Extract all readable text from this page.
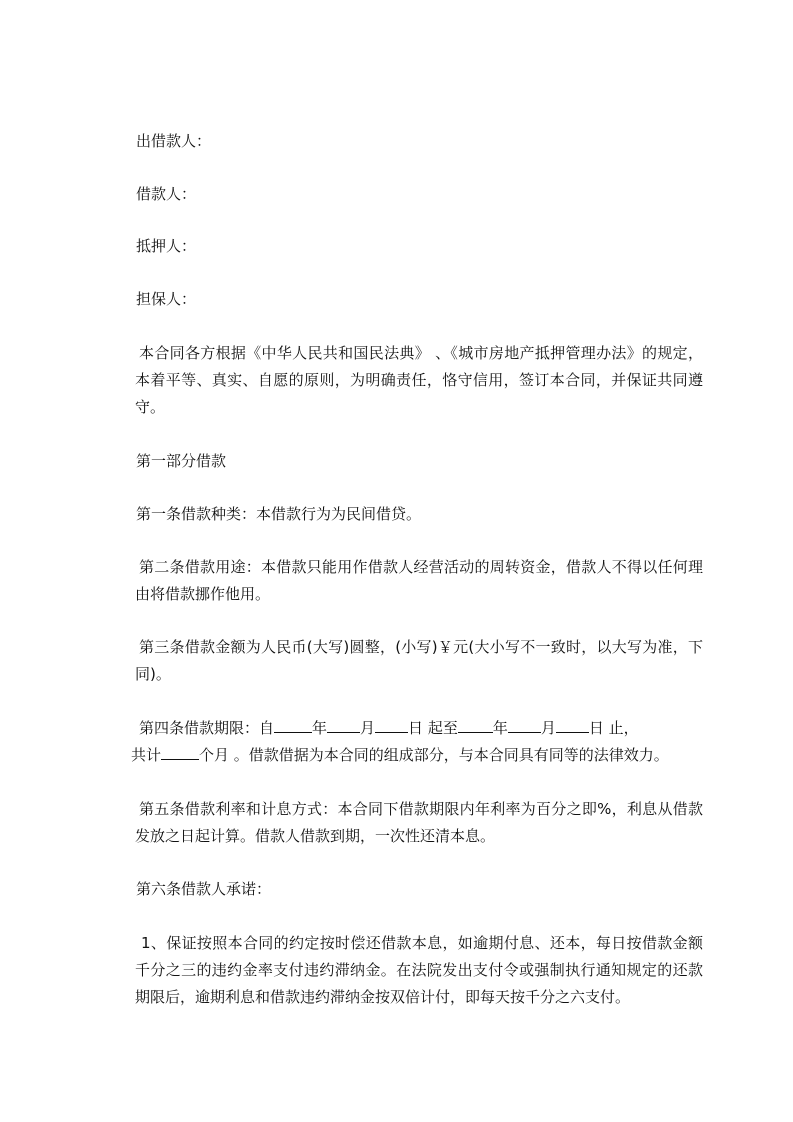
出借款人：
借款人：
抵押人：
担保人：
本合同各方根据《中华人民共和国民法典》 、《城市房地产抵押管理办法》的规定，本着平等、真实、自愿的原则，为明确责任，恪守信用，签订本合同，并保证共同遵守。
第一部分借款
第一条借款种类：本借款行为为民间借贷。
第二条借款用途：本借款只能用作借款人经营活动的周转资金，借款人不得以任何理由将借款挪作他用。
第三条借款金额为人民币(大写)圆整，(小写)￥元(大小写不一致时，以大写为准，下同)。
第四条借款期限：自	年 月 日 起至 年 月 日 止，
共计	个月 。借款借据为本合同的组成部分，与本合同具有同等的法律效力。
第五条借款利率和计息方式：本合同下借款期限内年利率为百分之即%，利息从借款发放之日起计算。借款人借款到期，一次性还清本息。
第六条借款人承诺：
1、保证按照本合同的约定按时偿还借款本息，如逾期付息、还本，每日按借款金额千分之三的违约金率支付违约滞纳金。在法院发出支付令或强制执行通知规定的还款期限后，逾期利息和借款违约滞纳金按双倍计付，即每天按千分之六支付。
